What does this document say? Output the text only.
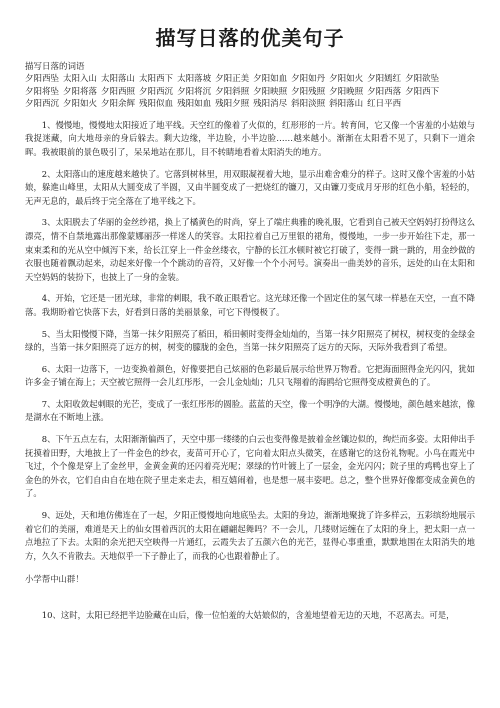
描写日落的优美句子

描写日落的词语

夕阳西坠 太阳入山 太阳落山 太阳西下 太阳落坡 夕阳正美 夕阳如血 夕阳如丹 夕阳如火 夕阳嫣红 夕阳欲坠夕阳将坠 夕阳将落 夕阳西照 夕阳西沉 夕阳将沉 夕阳斜照 夕阳映照 夕阳残照 夕阳晚照 夕阳西落 夕阳西下夕阳西沉 夕阳如火 夕阳余辉 残阳似血 残阳如血 残阳夕照 残阳消尽 斜阳淡照 斜阳落山 红日平西

1、慢慢地，慢慢地太阳接近了地平线。天空红的像着了火似的，红形形的一片。转育间，它又像一个害羞的小姑娘与我捉迷藏，向大地母亲的身后躲去。剩大边缘，半边脸，小半边脸……越来越小。渐渐在太阳看不见了，只剩下一道余晖。我被眼前的景色吸引了，呆呆地站在那儿，目不转睛地看着太阳消失的地方。

2、太阳落山的速度越来越快了。它落到树林里，用双眼凝视着大地，显示出难舍难分的样子。这时又像个害羞的小姑娘，躲進山峰里，太阳从大圆变成了半圆，又由半圆变成了一把烧红的镰刀，又由镰刀变成月牙形的红色小船，轻轻的，无声无息的，最后终于完全落在了地平线之下。

3、太阳脱去了华丽的金丝纱裙，换上了橘黄色的时尚，穿上了端庄典雅的晚礼服，它看到自己被天空妈妈打扮得这么漂亮，情不自禁地露出那像蒙娜丽莎一样迷人的笑容。太阳拉着自己万里银的裙角，慢慢地，一步一步开始往下走，那一束束柔和的光从空中倾泻下来，给长江穿上一件金丝缕衣，宁静的长江水顿时被它打破了，变得一跳一跳的，用金纱做的衣服也随着飘动起来，动起来好像一个个跳动的音符，又好像一个个小河号。演奏出一曲美妙的音乐，远处的山在太阳和天空妈妈的装扮下，也披上了一身的金装。

4、开始，它还是一团光球，非常的刺眼，我不敢正眼看它。这光球还像一个固定住的氢气球一样悬在天空，一直不降落。我期盼着它快落下去，好看到日落的美丽景象，可它下得慢极了。

5、当太阳慢慢下降，当第一抹夕阳照亮了稻田，稻田顿时变得金灿灿的，当第一抹夕阳照亮了树权，树权变的金绿金绿的，当第一抹夕阳照亮了远方的树，树变的朦胧的金色，当第一抹夕阳照亮了远方的天际，天际外我看到了希望。

6、太阳一边落下，一边变换着颜色，好像要把自己炫丽的色彩最后展示给世界万物看。它把海面照得金光闪闪，犹如许多金子铺在海上；天空被它照得一会儿红彤彤，一会儿金灿灿；几只飞翔着的海鸥给它照得变成橙黄色的了。

7、太阳收敛起刺眼的光芒，变成了一张红彤彤的圆脸。蓝蓝的天空，像一个明净的大湖。慢慢地，颜色越来越浓，像是湖水在不断地上涨。

8、下午五点左右，太阳渐渐偏西了，天空中那一缕缕的白云也变得像是披着金丝镶边似的，绚烂而多姿。太阳伸出手抚摸着田野，大地披上了一件金色的纱衣，麦苗可开心了，它向着太阳点头微笑，在感谢它的这份礼物呢。小鸟在霞光中飞过，个个像是穿上了金丝甲，金黄金黄的还闪着亮光呢；翠绿的竹叶镀上了一层金，金光闪闪；院子里的鸡鸭也穿上了金色的外衣，它们自由自在地在院子里走来走去，相互嬉闹着，也是想一展丰姿吧。总之，整个世界好像都变成金黄色的了。

9、远处，天和地仿佛连在了一起，夕阳正慢慢地向地底坠去。太阳的身边，渐渐地聚拢了许多样云，五彩缤纷地展示着它们的美丽，难道是天上的仙女围着西沉的太阳在翩翩起舞吗？不一会儿，几缕财运缠在了太阳的身上，把太阳一点一点地拉了下去。太阳的余光把天空映得一片通红，云霞失去了五颜六色的光芒，显得心事重重，默默地围在太阳消失的地方，久久不肯散去。天地似乎一下子静止了，而我的心也跟着静止了。

小学帮中山群！

10、这时，太阳已经把半边脸藏在山后，像一位怕羞的大姑娘似的，含羞地望着无边的天地，不忍离去。可是，
